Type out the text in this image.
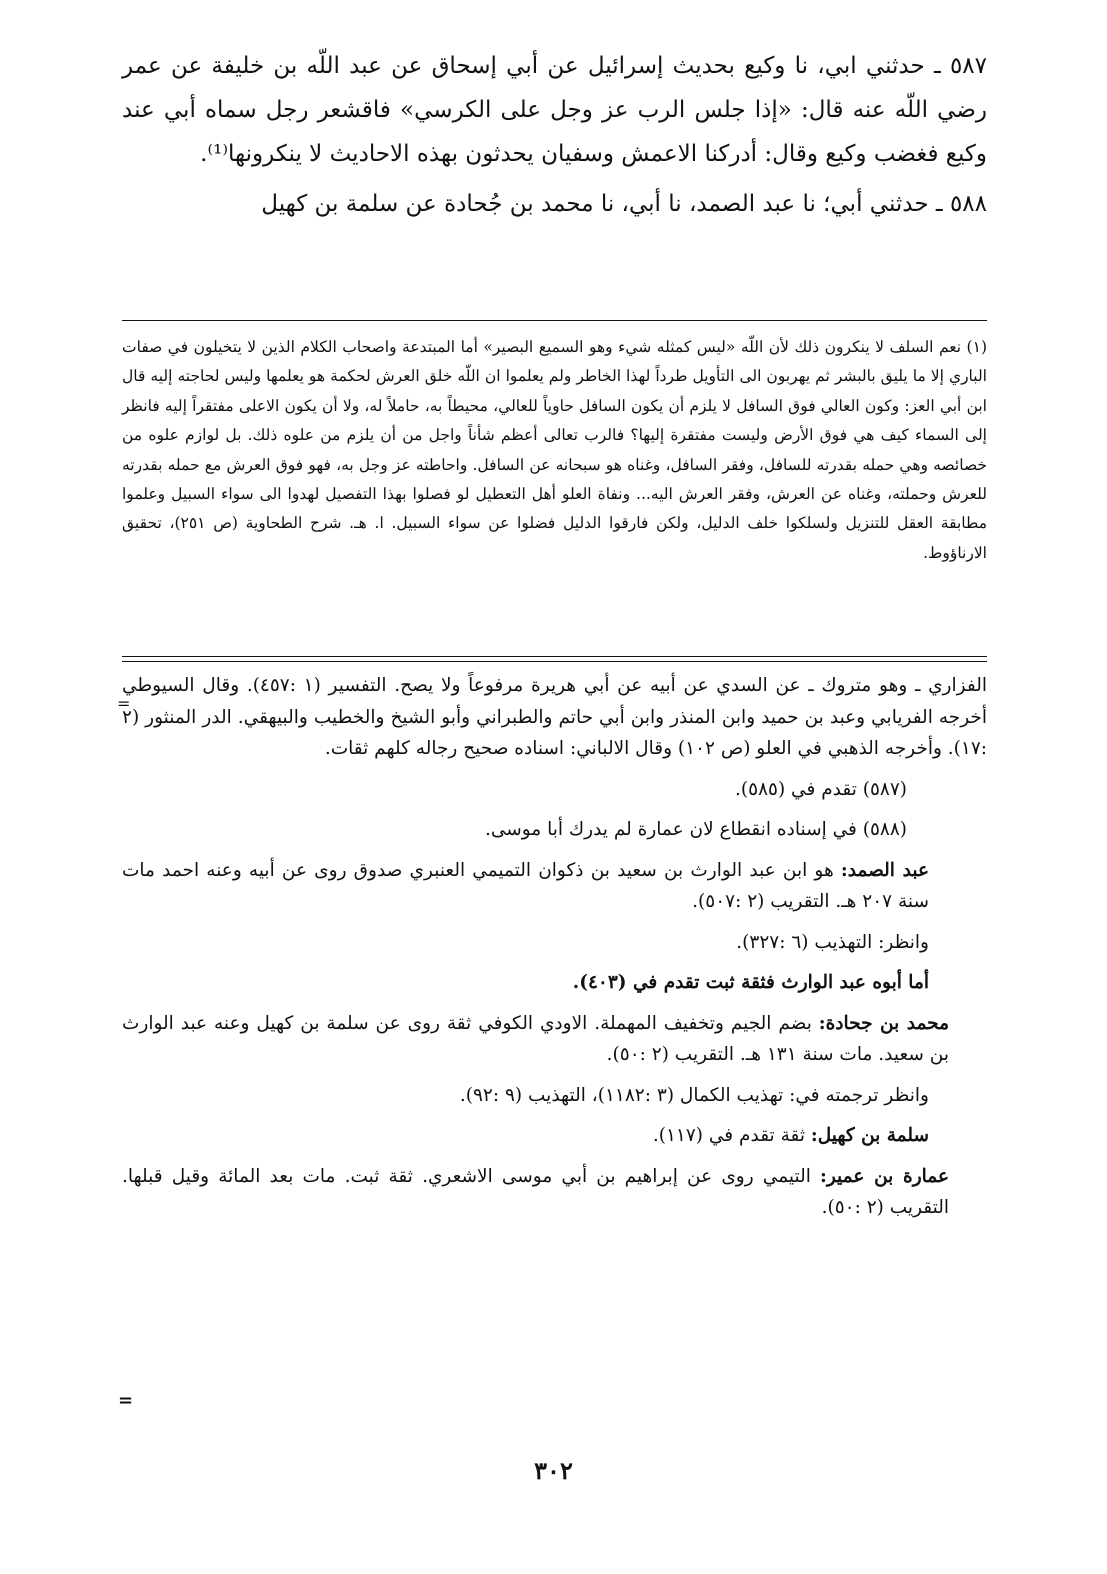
٥٨٧ ـ حدثني ابي، نا وكيع بحديث إسرائيل عن أبي إسحاق عن عبد اللّه بن خليفة عن عمر رضي اللّه عنه قال: «إذا جلس الرب عز وجل على الكرسي» فاقشعر رجل سماه أبي عند وكيع فغضب وكيع وقال: أدركنا الاعمش وسفيان يحدثون بهذه الاحاديث لا ينكرونها⁽¹⁾.

٥٨٨ ـ حدثني أبي؛ نا عبد الصمد، نا أبي، نا محمد بن جُحادة عن سلمة بن كهيل

(١) نعم السلف لا ينكرون ذلك لأن اللّه «ليس كمثله شيء وهو السميع البصير» أما المبتدعة واصحاب الكلام الذين لا يتخيلون في صفات الباري إلا ما يليق بالبشر ثم يهربون الى التأويل طرداً لهذا الخاطر ولم يعلموا ان اللّه خلق العرش لحكمة هو يعلمها وليس لحاجته إليه قال ابن أبي العز: وكون العالي فوق السافل لا يلزم أن يكون السافل حاوياً للعالي، محيطاً به، حاملاً له، ولا أن يكون الاعلى مفتقراً إليه فانظر إلى السماء كيف هي فوق الأرض وليست مفتقرة إليها؟ فالرب تعالى أعظم شأناً واجل من أن يلزم من علوه ذلك. بل لوازم علوه من خصائصه وهي حمله بقدرته للسافل، وفقر السافل، وغناه هو سبحانه عن السافل. واحاطته عز وجل به، فهو فوق العرش مع حمله بقدرته للعرش وحملته، وغناه عن العرش، وفقر العرش اليه... ونفاة العلو أهل التعطيل لو فصلوا بهذا التفصيل لهدوا الى سواء السبيل وعلموا مطابقة العقل للتنزيل ولسلكوا خلف الدليل، ولكن فارقوا الدليل فضلوا عن سواء السبيل. ا. هـ. شرح الطحاوية (ص ٢٥١)، تحقيق الارناؤوط.

=

الفزاري ـ وهو متروك ـ عن السدي عن أبيه عن أبي هريرة مرفوعاً ولا يصح. التفسير (١ :٤٥٧). وقال السيوطي أخرجه الفريابي وعبد بن حميد وابن المنذر وابن أبي حاتم والطبراني وأبو الشيخ والخطيب والبيهقي. الدر المنثور (٢ :١٧). وأخرجه الذهبي في العلو (ص ١٠٢) وقال الالباني: اسناده صحيح رجاله كلهم ثقات.

(٥٨٧) تقدم في (٥٨٥).

(٥٨٨) في إسناده انقطاع لان عمارة لم يدرك أبا موسى.

عبد الصمد: هو ابن عبد الوارث بن سعيد بن ذكوان التميمي العنبري صدوق روى عن أبيه وعنه احمد مات سنة ٢٠٧ هـ. التقريب (٢ :٥٠٧).

وانظر: التهذيب (٦ :٣٢٧).

أما أبوه عبد الوارث فثقة ثبت تقدم في (٤٠٣).

محمد بن جحادة: بضم الجيم وتخفيف المهملة. الاودي الكوفي ثقة روى عن سلمة بن كهيل وعنه عبد الوارث بن سعيد. مات سنة ١٣١ هـ. التقريب (٢ :٥٠).

وانظر ترجمته في: تهذيب الكمال (٣ :١١٨٢)، التهذيب (٩ :٩٢).

سلمة بن كهيل: ثقة تقدم في (١١٧).

عمارة بن عمير: التيمي روى عن إبراهيم بن أبي موسى الاشعري. ثقة ثبت. مات بعد المائة وقيل قبلها. التقريب (٢ :٥٠).

=
٣٠٢
